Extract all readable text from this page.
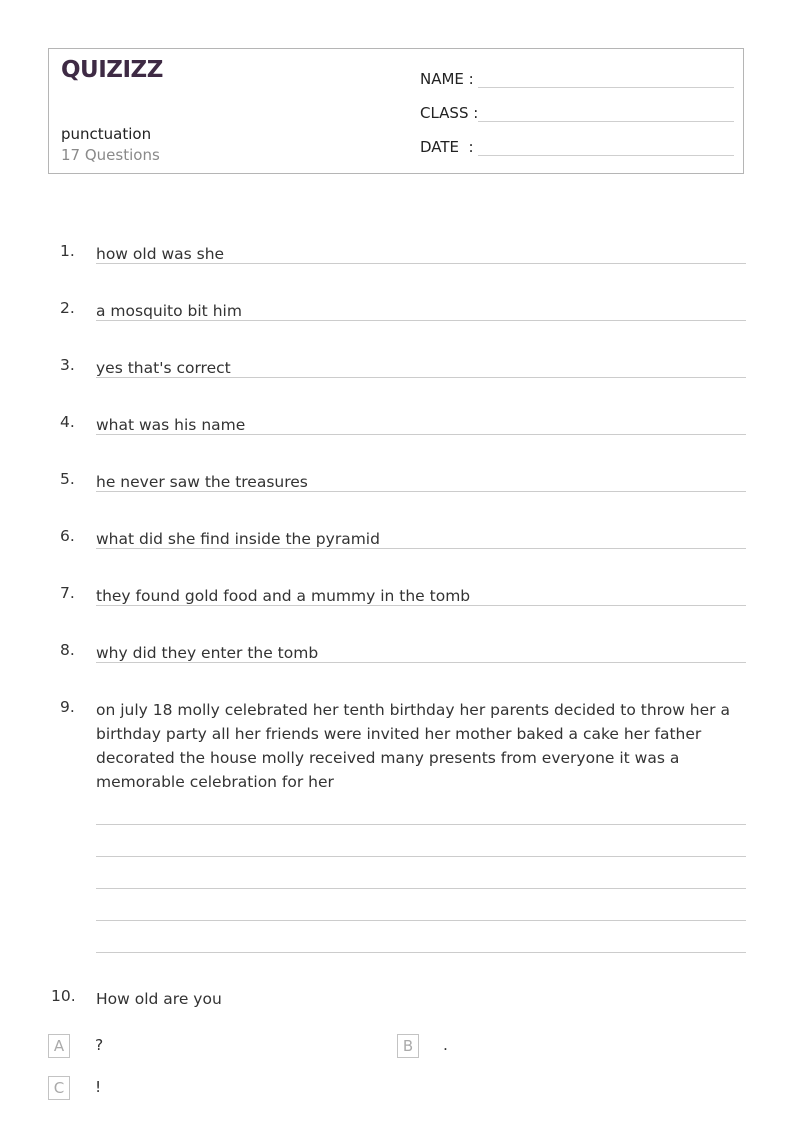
QUIZIZZ
punctuation
17 Questions
NAME :
CLASS :
DATE  :
1. how old was she
2. a mosquito bit him
3. yes that's correct
4. what was his name
5. he never saw the treasures
6. what did she find inside the pyramid
7. they found gold food and a mummy in the tomb
8. why did they enter the tomb
9. on july 18 molly celebrated her tenth birthday her parents decided to throw her a birthday party all her friends were invited her mother baked a cake her father decorated the house molly received many presents from everyone it was a memorable celebration for her
10. How old are you
A	?	B	.
C	!
